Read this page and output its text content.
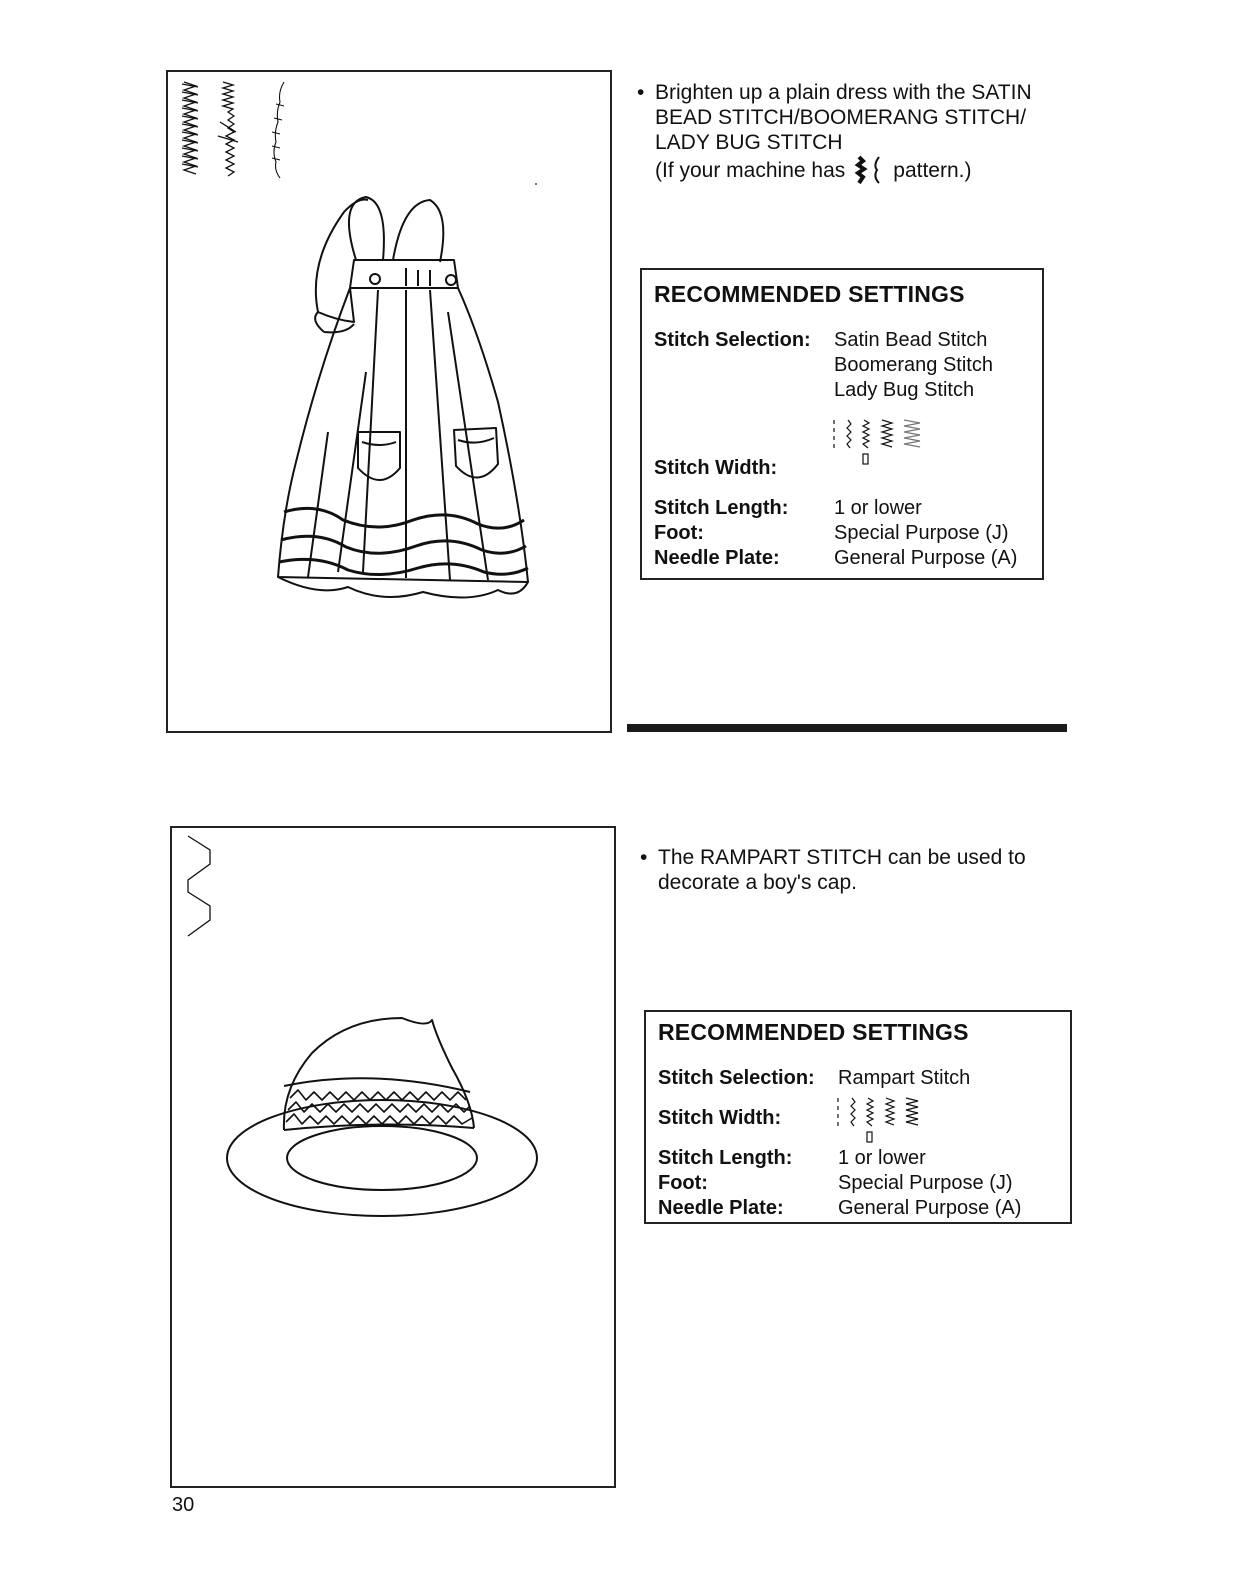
• Brighten up a plain dress with the SATIN
BEAD STITCH/BOOMERANG STITCH/
LADY BUG STITCH
(If your machine has pattern.)
RECOMMENDED SETTINGS
Stitch Selection: Satin Bead Stitch
Boomerang Stitch
Lady Bug Stitch
Stitch Width:
Stitch Length: 1 or lower
Foot:	Special Purpose (J)
Needle Plate:	General Purpose (A)
• The RAMPART STITCH can be used to
decorate a boy's cap.
RECOMMENDED SETTINGS
Stitch Selection: Rampart Stitch
Stitch Width:
Stitch Length: 1 or lower
Foot:	Special Purpose (J)
Needle Plate:	General Purpose (A)
30
